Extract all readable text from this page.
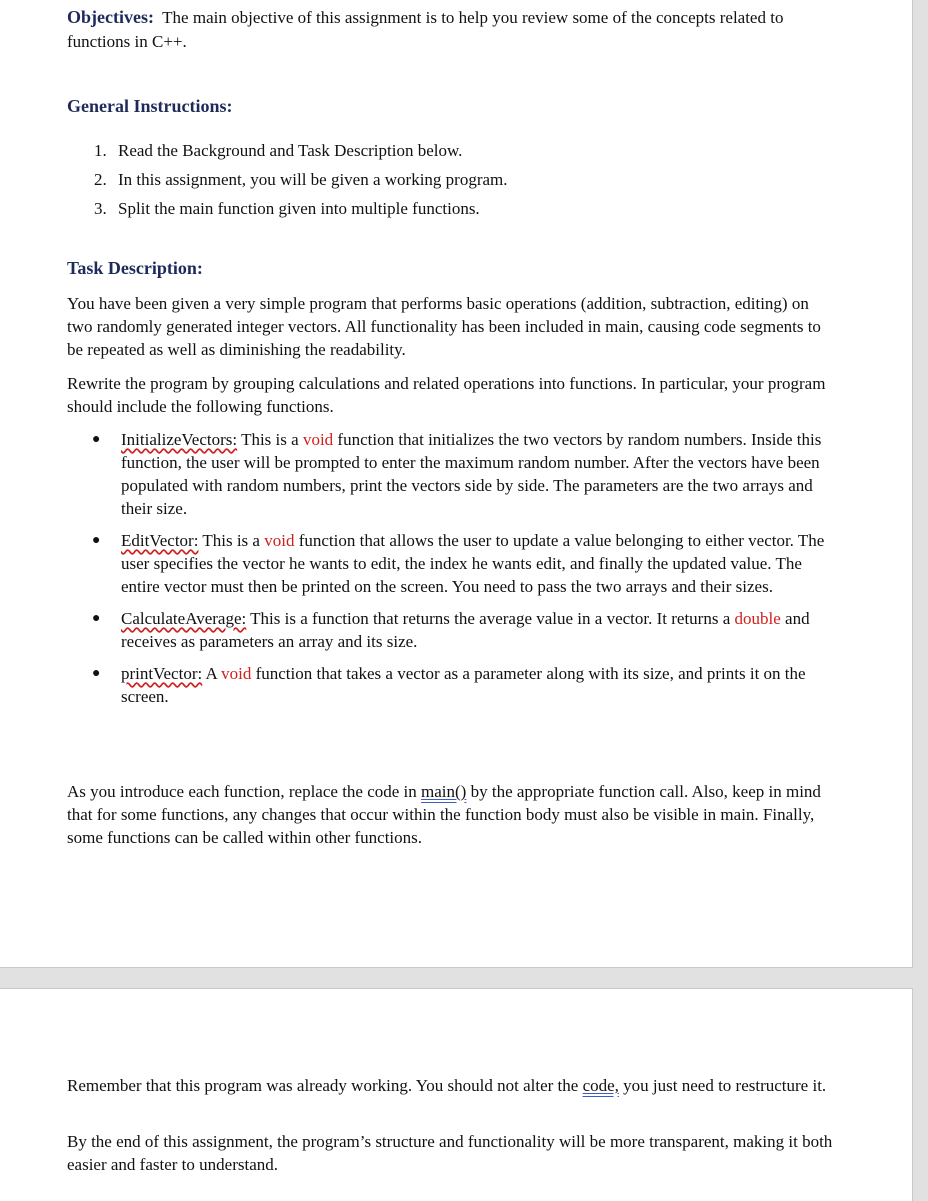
Objectives: The main objective of this assignment is to help you review some of the concepts related to functions in C++.
General Instructions:
1. Read the Background and Task Description below.
2. In this assignment, you will be given a working program.
3. Split the main function given into multiple functions.
Task Description:
You have been given a very simple program that performs basic operations (addition, subtraction, editing) on two randomly generated integer vectors. All functionality has been included in main, causing code segments to be repeated as well as diminishing the readability.
Rewrite the program by grouping calculations and related operations into functions. In particular, your program should include the following functions.
● InitializeVectors: This is a void function that initializes the two vectors by random numbers. Inside this function, the user will be prompted to enter the maximum random number. After the vectors have been populated with random numbers, print the vectors side by side. The parameters are the two arrays and their size.
● EditVector: This is a void function that allows the user to update a value belonging to either vector. The user specifies the vector he wants to edit, the index he wants edit, and finally the updated value. The entire vector must then be printed on the screen. You need to pass the two arrays and their sizes.
● CalculateAverage: This is a function that returns the average value in a vector. It returns a double and receives as parameters an array and its size.
● printVector: A void function that takes a vector as a parameter along with its size, and prints it on the screen.
As you introduce each function, replace the code in main() by the appropriate function call. Also, keep in mind that for some functions, any changes that occur within the function body must also be visible in main. Finally, some functions can be called within other functions.
Remember that this program was already working. You should not alter the code, you just need to restructure it.
By the end of this assignment, the program’s structure and functionality will be more transparent, making it both easier and faster to understand.
